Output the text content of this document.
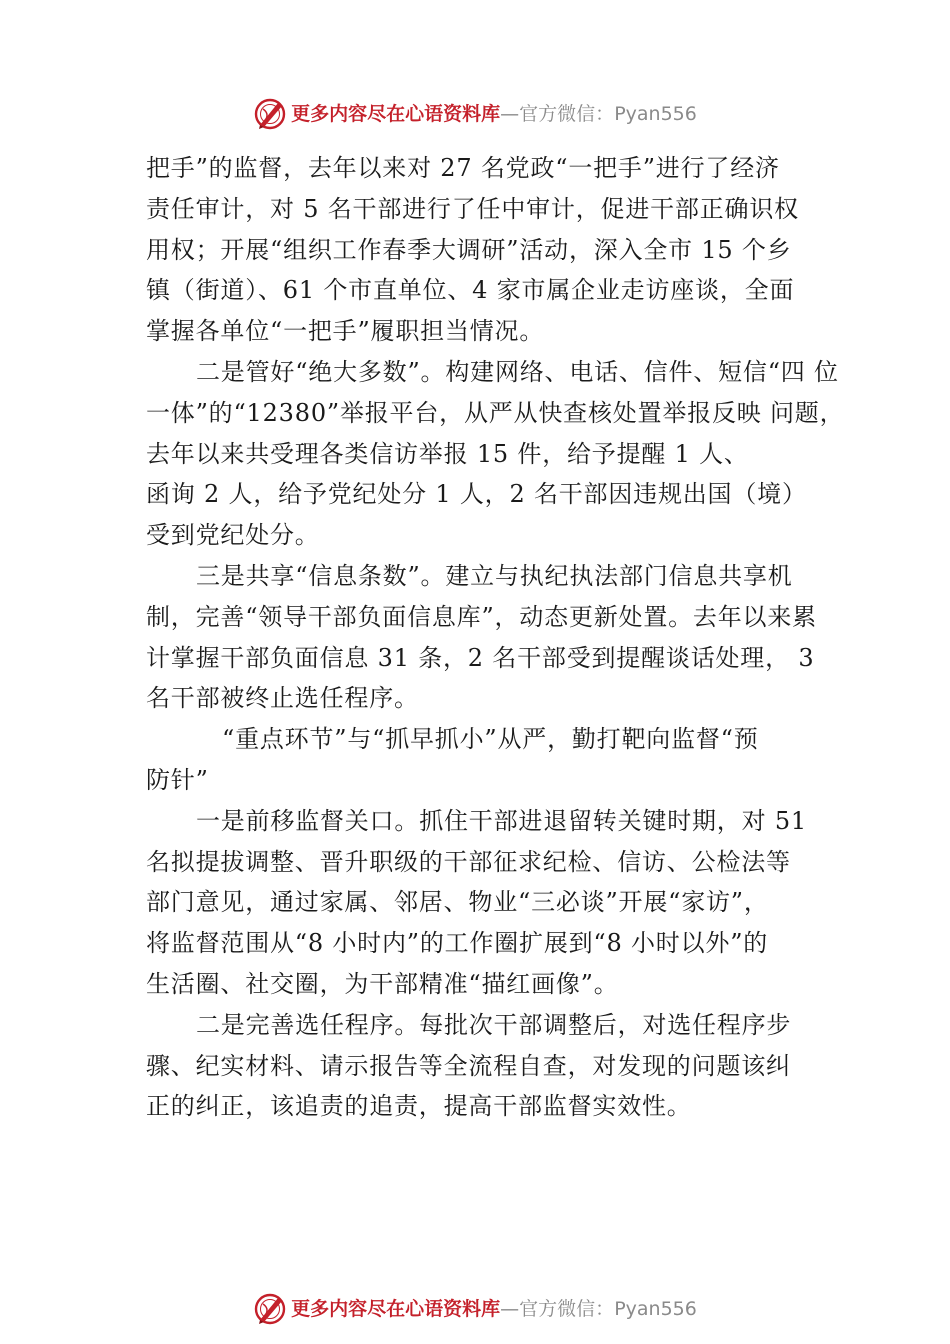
更多内容尽在心语资料库—官方微信：Pyan556
把手”的监督，去年以来对 27 名党政“一把手”进行了经济
责任审计，对 5 名干部进行了任中审计，促进干部正确识权
用权；开展“组织工作春季大调研”活动，深入全市 15 个乡
镇（街道）、61 个市直单位、4 家市属企业走访座谈，全面
掌握各单位“一把手”履职担当情况。
二是管好“绝大多数”。构建网络、电话、信件、短信“四 位
一体”的“12380”举报平台，从严从快查核处置举报反映 问题，
去年以来共受理各类信访举报 15 件，给予提醒 1 人、
函询 2 人，给予党纪处分 1 人，2 名干部因违规出国（境）
受到党纪处分。
三是共享“信息条数”。建立与执纪执法部门信息共享机
制，完善“领导干部负面信息库”，动态更新处置。去年以来累
计掌握干部负面信息 31 条，2 名干部受到提醒谈话处理， 3
名干部被终止选任程序。
“重点环节”与“抓早抓小”从严，勤打靶向监督“预
防针”
一是前移监督关口。抓住干部进退留转关键时期，对 51
名拟提拔调整、晋升职级的干部征求纪检、信访、公检法等
部门意见，通过家属、邻居、物业“三必谈”开展“家访”，
将监督范围从“8 小时内”的工作圈扩展到“8 小时以外”的
生活圈、社交圈，为干部精准“描红画像”。
二是完善选任程序。每批次干部调整后，对选任程序步
骤、纪实材料、请示报告等全流程自查，对发现的问题该纠
正的纠正，该追责的追责，提高干部监督实效性。
更多内容尽在心语资料库—官方微信：Pyan556
